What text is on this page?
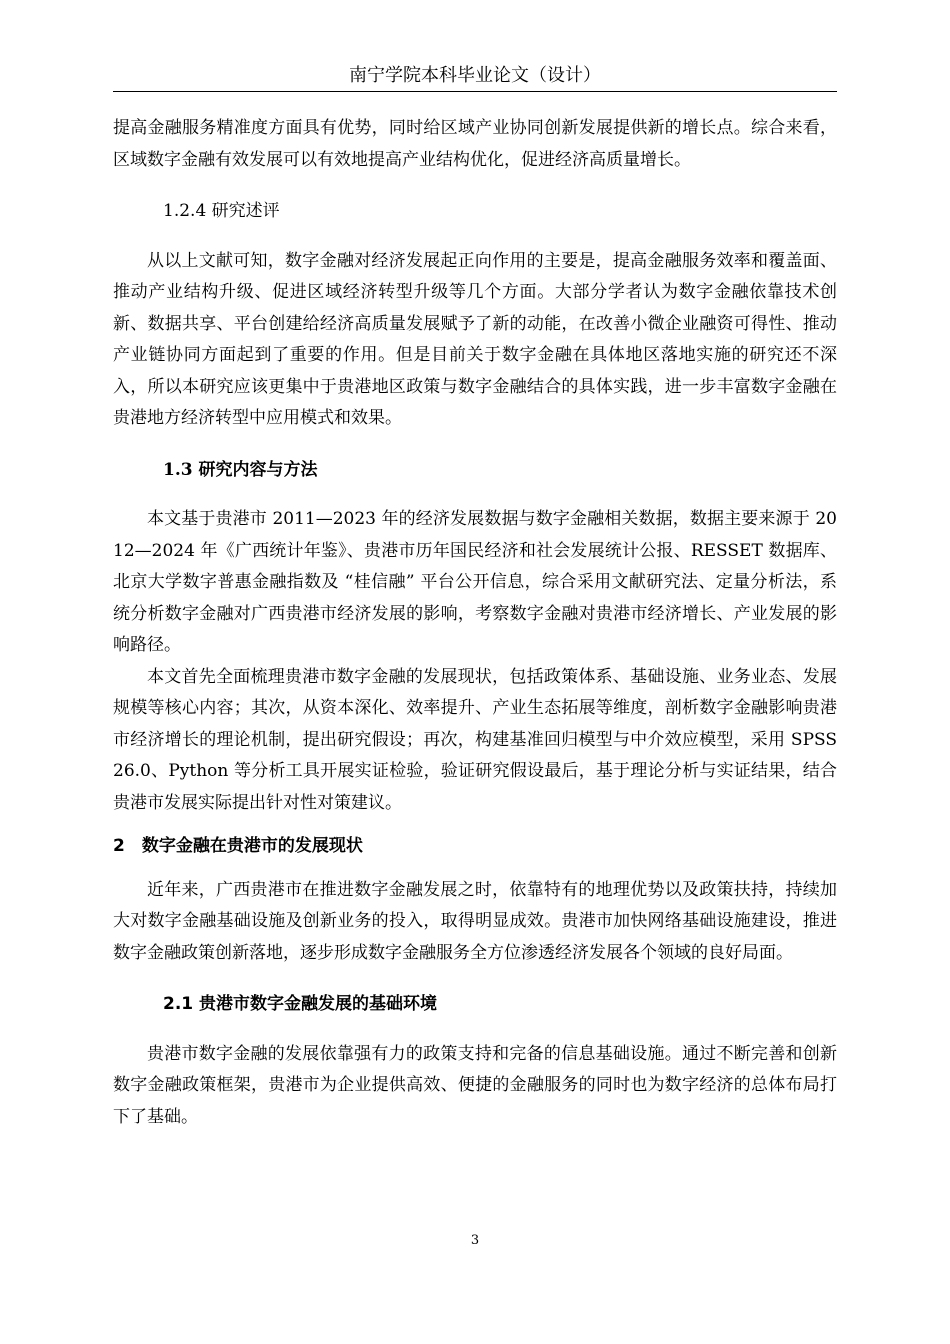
南宁学院本科毕业论文（设计）

提高金融服务精准度方面具有优势，同时给区域产业协同创新发展提供新的增长点。综合来看，区域数字金融有效发展可以有效地提高产业结构优化，促进经济高质量增长。

1.2.4 研究述评

从以上文献可知，数字金融对经济发展起正向作用的主要是，提高金融服务效率和覆盖面、推动产业结构升级、促进区域经济转型升级等几个方面。大部分学者认为数字金融依靠技术创新、数据共享、平台创建给经济高质量发展赋予了新的动能，在改善小微企业融资可得性、推动产业链协同方面起到了重要的作用。但是目前关于数字金融在具体地区落地实施的研究还不深入，所以本研究应该更集中于贵港地区政策与数字金融结合的具体实践，进一步丰富数字金融在贵港地方经济转型中应用模式和效果。

1.3 研究内容与方法

本文基于贵港市 2011—2023 年的经济发展数据与数字金融相关数据，数据主要来源于 2012—2024 年《广西统计年鉴》、贵港市历年国民经济和社会发展统计公报、RESSET 数据库、北京大学数字普惠金融指数及 “桂信融” 平台公开信息，综合采用文献研究法、定量分析法，系统分析数字金融对广西贵港市经济发展的影响，考察数字金融对贵港市经济增长、产业发展的影响路径。

本文首先全面梳理贵港市数字金融的发展现状，包括政策体系、基础设施、业务业态、发展规模等核心内容；其次，从资本深化、效率提升、产业生态拓展等维度，剖析数字金融影响贵港市经济增长的理论机制，提出研究假设；再次，构建基准回归模型与中介效应模型，采用 SPSS26.0、Python 等分析工具开展实证检验，验证研究假设最后，基于理论分析与实证结果，结合贵港市发展实际提出针对性对策建议。

2　数字金融在贵港市的发展现状

近年来，广西贵港市在推进数字金融发展之时，依靠特有的地理优势以及政策扶持，持续加大对数字金融基础设施及创新业务的投入，取得明显成效。贵港市加快网络基础设施建设，推进数字金融政策创新落地，逐步形成数字金融服务全方位渗透经济发展各个领域的良好局面。

2.1 贵港市数字金融发展的基础环境

贵港市数字金融的发展依靠强有力的政策支持和完备的信息基础设施。通过不断完善和创新数字金融政策框架，贵港市为企业提供高效、便捷的金融服务的同时也为数字经济的总体布局打下了基础。

3
